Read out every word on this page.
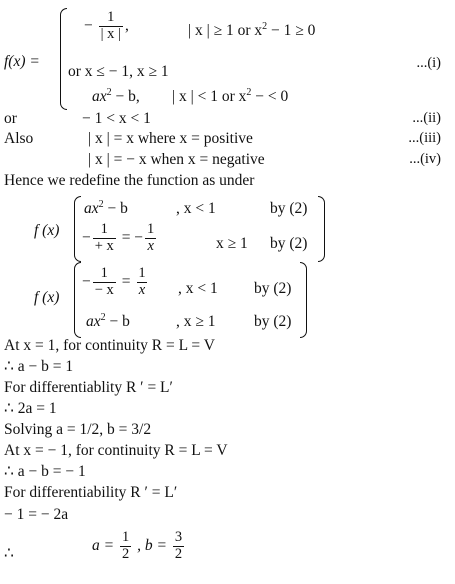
f(x) =
− $\frac{1}{| x |}$ ,	| x | ≥ 1 or $x^2 - 1 \ge 0$
or x ≤ − 1, x ≥ 1	...(i)
$ax^2 - b$, | x | < 1 or $x^2$ − < 0
or	− 1 < x < 1	...(ii)
Also	| x | = x where x = positive	...(iii)
| x | = − x when x = negative	...(iv)
Hence we redefine the function as under
f (x)
$ax^2 - b$	, x < 1	by (2)
− $\frac{1}{+ x}$ = − $\frac{1}{x}$	x ≥ 1 by (2)
f (x)
− $\frac{1}{- x} = \frac{1}{x}$ , x < 1 by (2)
$ax^2 - b$	, x ≥ 1 by (2)
At x = 1, for continuity R = L = V
∴ a − b = 1
For differentiablity R ′ = L′
∴ 2a = 1
Solving a = 1/2, b = 3/2
At x = − 1, for continuity R = L = V
∴ a − b = − 1
For differentiability R ′ = L′
− 1 = − 2a
∴	$a = \frac{1}{2}$ , $b = \frac{3}{2}$
